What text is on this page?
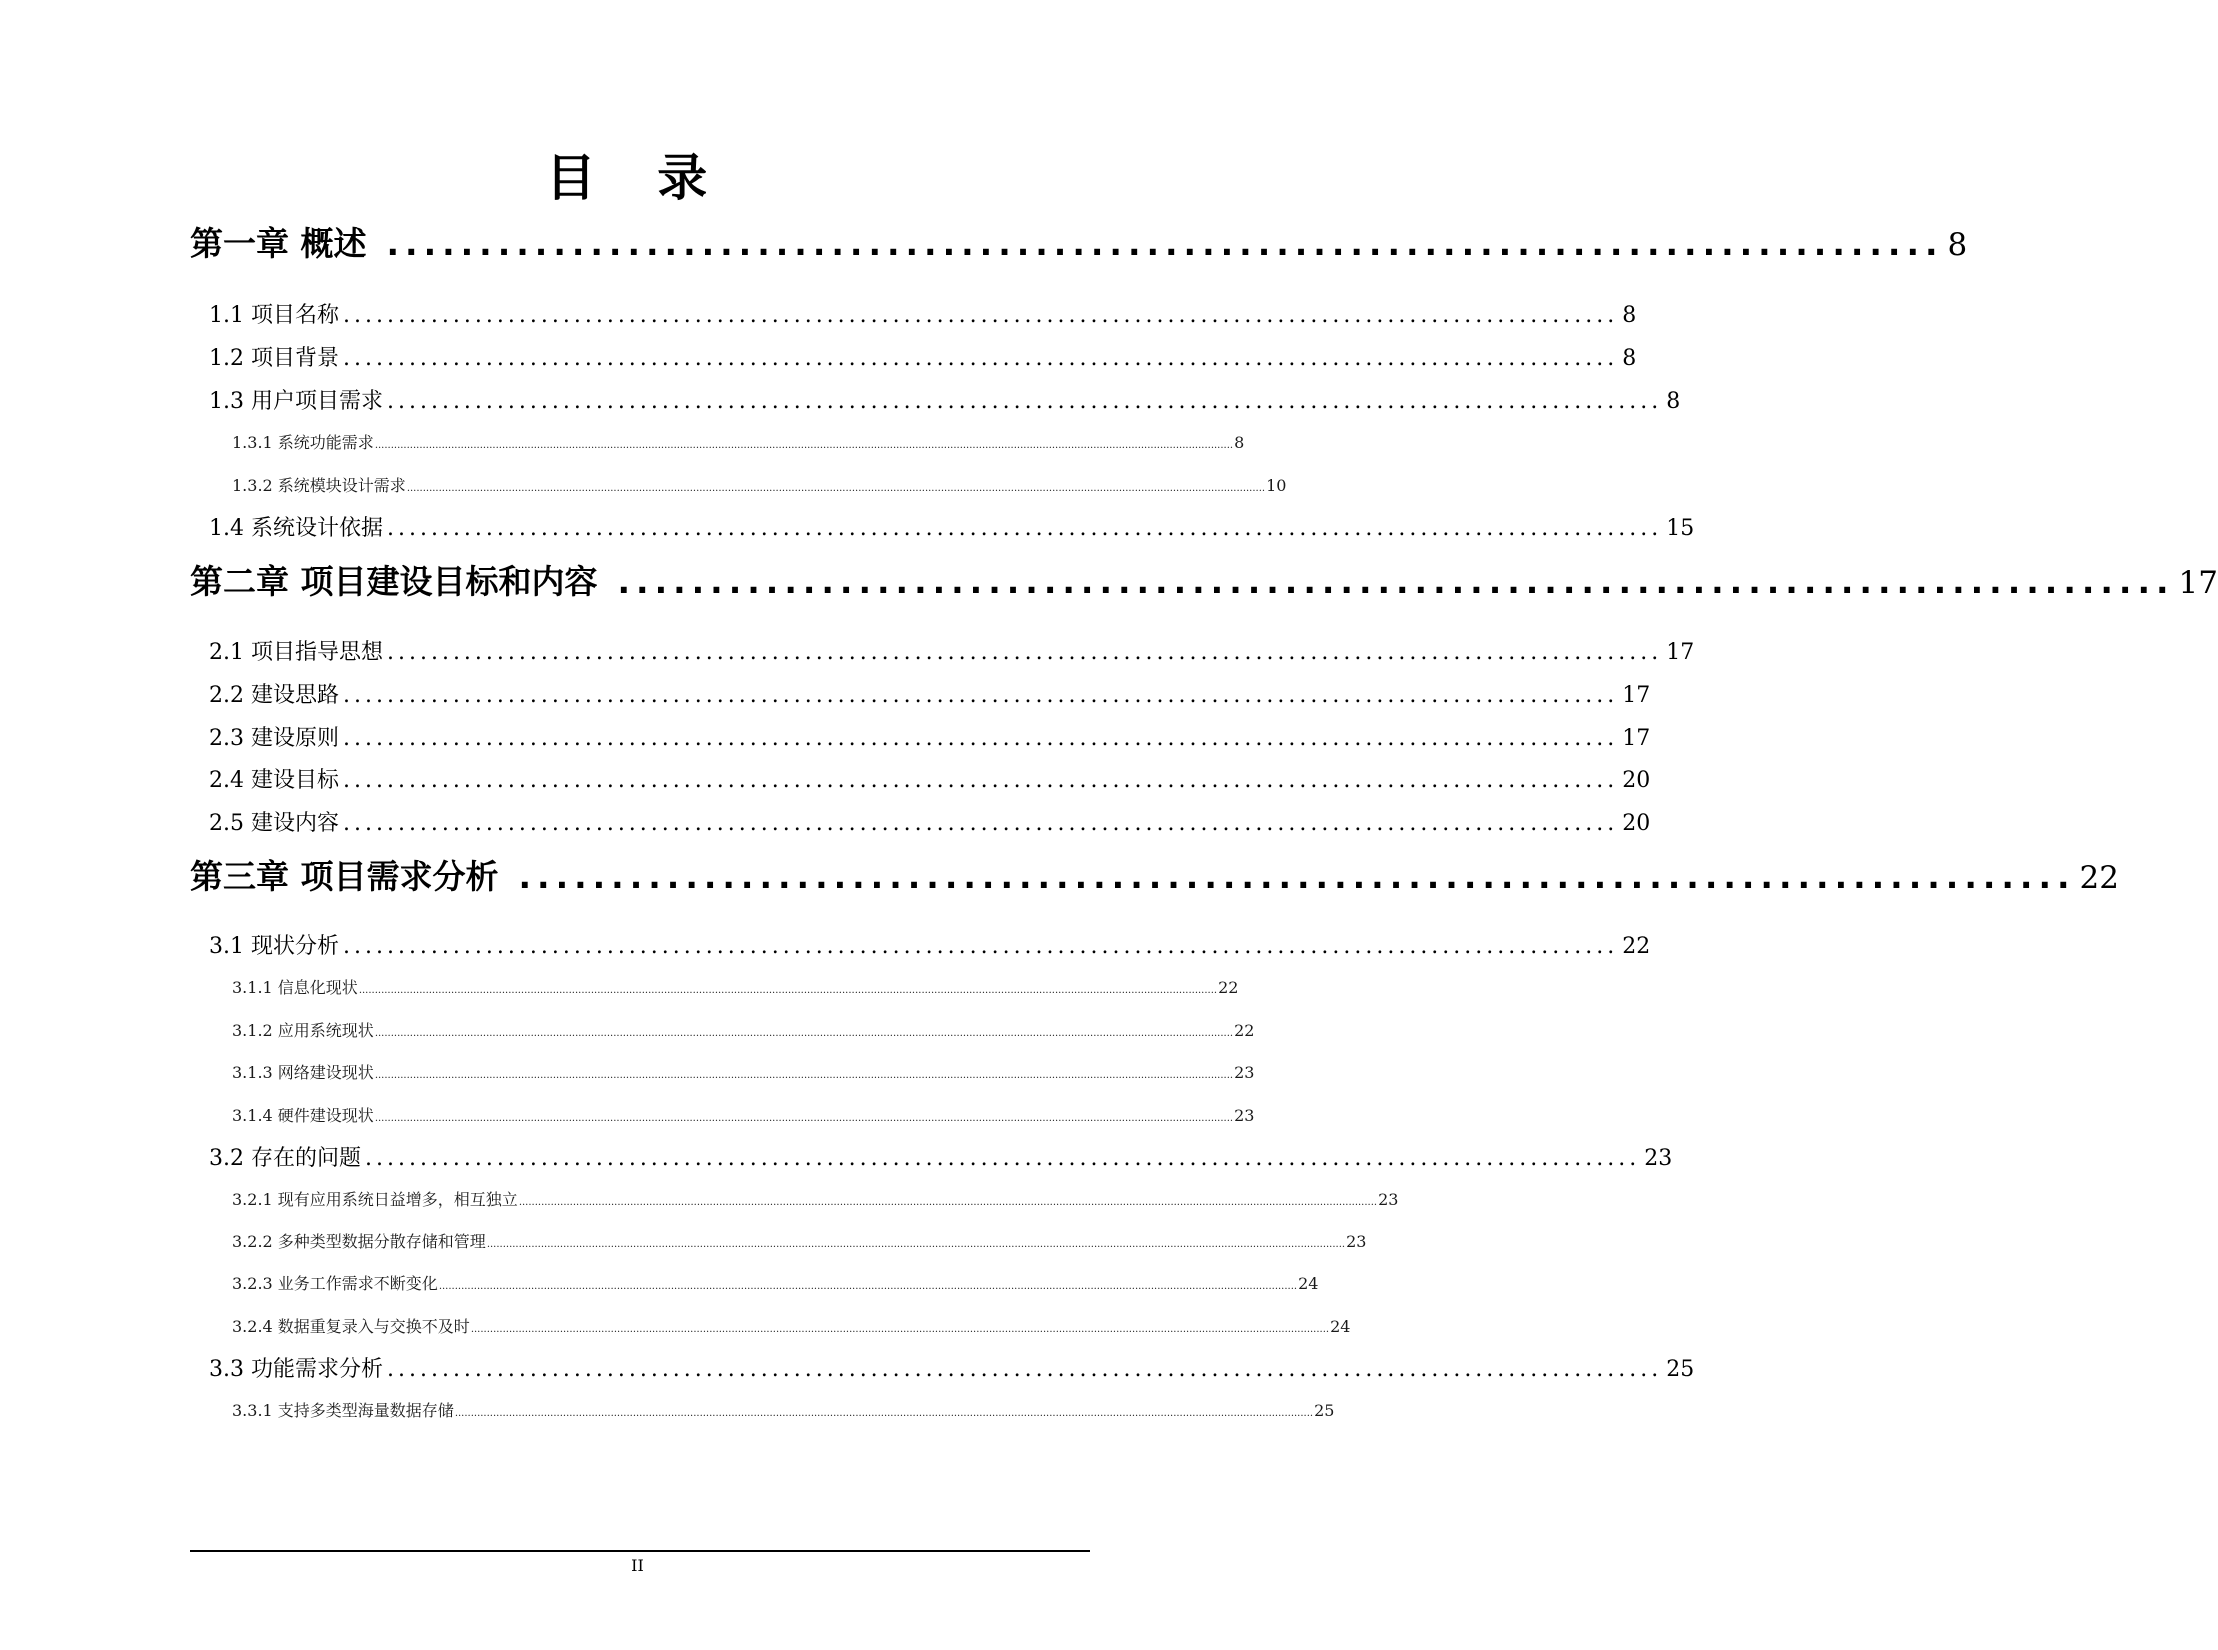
目 录
第一章 概述 .................................................................................... 8
1.1 项目名称 .................................................................................................................... 8
1.2 项目背景 .................................................................................................................... 8
1.3 用户项目需求 .................................................................................................................... 8
1.3.1 系统功能需求 .............................................................................................................................................................................................................................................................................. 8
1.3.2 系统模块设计需求 .............................................................................................................................................................................................................................................................................. 10
1.4 系统设计依据 .................................................................................................................... 15
第二章 项目建设目标和内容 .................................................................................... 17
2.1 项目指导思想 .................................................................................................................... 17
2.2 建设思路 .................................................................................................................... 17
2.3 建设原则 .................................................................................................................... 17
2.4 建设目标 .................................................................................................................... 20
2.5 建设内容 .................................................................................................................... 20
第三章 项目需求分析 .................................................................................... 22
3.1 现状分析 .................................................................................................................... 22
3.1.1 信息化现状 .............................................................................................................................................................................................................................................................................. 22
3.1.2 应用系统现状 .............................................................................................................................................................................................................................................................................. 22
3.1.3 网络建设现状 .............................................................................................................................................................................................................................................................................. 23
3.1.4 硬件建设现状 .............................................................................................................................................................................................................................................................................. 23
3.2 存在的问题 .................................................................................................................... 23
3.2.1 现有应用系统日益增多，相互独立 .............................................................................................................................................................................................................................................................................. 23
3.2.2 多种类型数据分散存储和管理 .............................................................................................................................................................................................................................................................................. 23
3.2.3 业务工作需求不断变化 .............................................................................................................................................................................................................................................................................. 24
3.2.4 数据重复录入与交换不及时 .............................................................................................................................................................................................................................................................................. 24
3.3 功能需求分析 .................................................................................................................... 25
3.3.1 支持多类型海量数据存储 .............................................................................................................................................................................................................................................................................. 25
II
